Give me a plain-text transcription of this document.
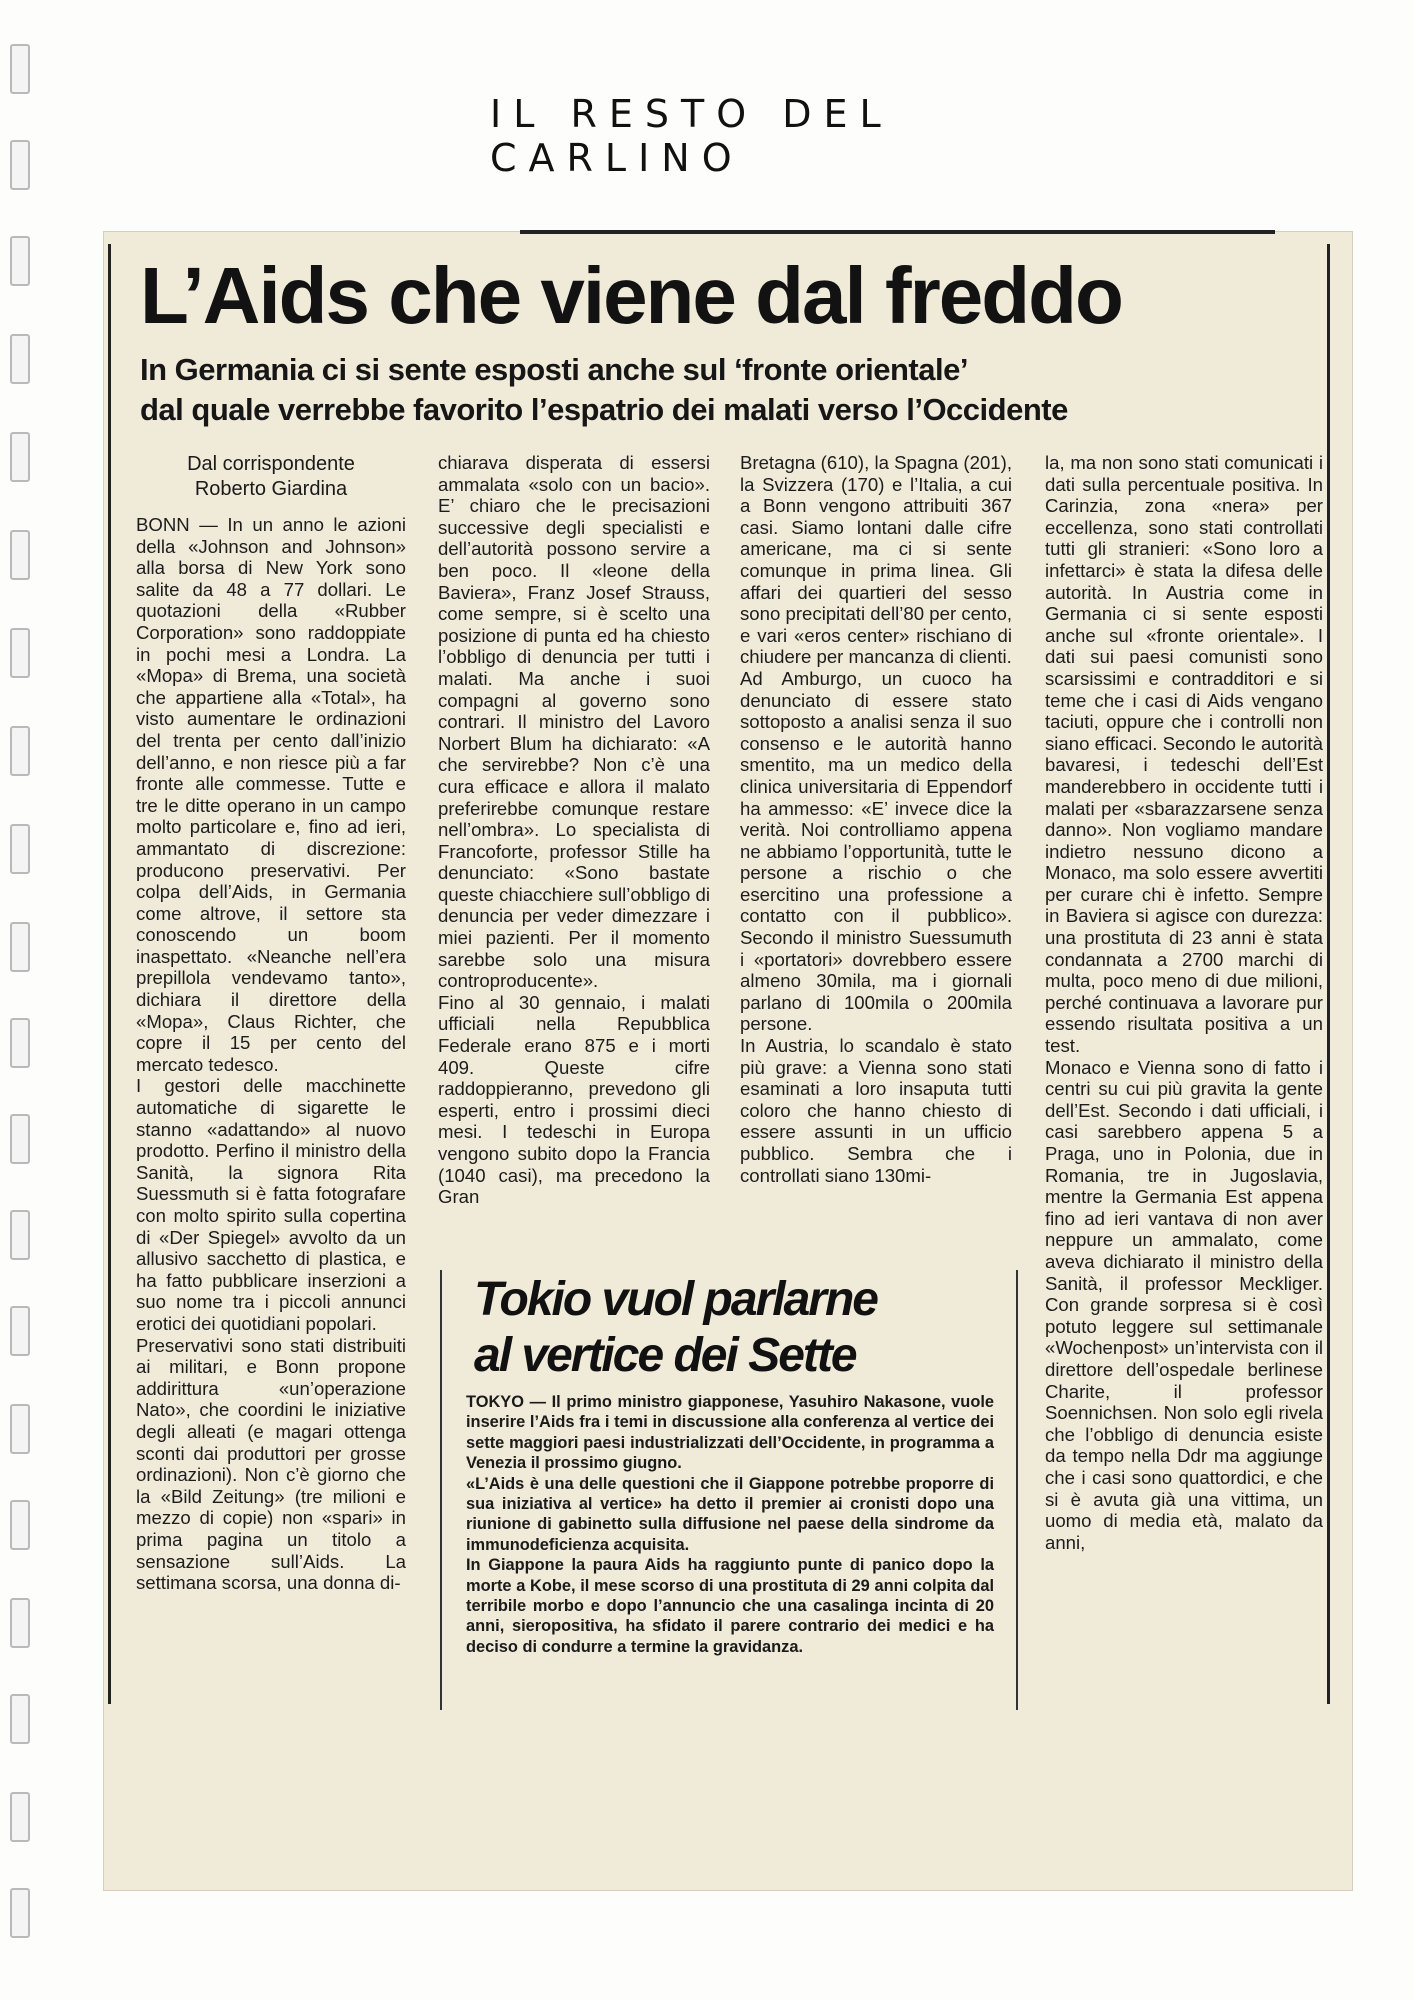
IL RESTO DEL CARLINO
L’Aids che viene dal freddo
In Germania ci si sente esposti anche sul ‘fronte orientale’
dal quale verrebbe favorito l’espatrio dei malati verso l’Occidente
Dal corrispondente
Roberto Giardina

BONN — In un anno le azioni della «Johnson and Johnson» alla borsa di New York sono salite da 48 a 77 dollari. Le quotazioni della «Rubber Corporation» sono raddoppiate in pochi mesi a Londra. La «Mopa» di Brema, una società che appartiene alla «Total», ha visto aumentare le ordinazioni del trenta per cento dall’inizio dell’anno, e non riesce più a far fronte alle commesse. Tutte e tre le ditte operano in un campo molto particolare e, fino ad ieri, ammantato di discrezione: producono preservativi. Per colpa dell’Aids, in Germania come altrove, il settore sta conoscendo un boom inaspettato. «Neanche nell’era prepillola vendevamo tanto», dichiara il direttore della «Mopa», Claus Richter, che copre il 15 per cento del mercato tedesco.

I gestori delle macchinette automatiche di sigarette le stanno «adattando» al nuovo prodotto. Perfino il ministro della Sanità, la signora Rita Suessmuth si è fatta fotografare con molto spirito sulla copertina di «Der Spiegel» avvolto da un allusivo sacchetto di plastica, e ha fatto pubblicare inserzioni a suo nome tra i piccoli annunci erotici dei quotidiani popolari.

Preservativi sono stati distribuiti ai militari, e Bonn propone addirittura «un’operazione Nato», che coordini le iniziative degli alleati (e magari ottenga sconti dai produttori per grosse ordinazioni). Non c’è giorno che la «Bild Zeitung» (tre milioni e mezzo di copie) non «spari» in prima pagina un titolo a sensazione sull’Aids. La settimana scorsa, una donna di-

chiarava disperata di essersi ammalata «solo con un bacio». E’ chiaro che le precisazioni successive degli specialisti e dell’autorità possono servire a ben poco. Il «leone della Baviera», Franz Josef Strauss, come sempre, si è scelto una posizione di punta ed ha chiesto l’obbligo di denuncia per tutti i malati. Ma anche i suoi compagni al governo sono contrari. Il ministro del Lavoro Norbert Blum ha dichiarato: «A che servirebbe? Non c’è una cura efficace e allora il malato preferirebbe comunque restare nell’ombra». Lo specialista di Francoforte, professor Stille ha denunciato: «Sono bastate queste chiacchiere sull’obbligo di denuncia per veder dimezzare i miei pazienti. Per il momento sarebbe solo una misura controproducente».

Fino al 30 gennaio, i malati ufficiali nella Repubblica Federale erano 875 e i morti 409. Queste cifre raddoppieranno, prevedono gli esperti, entro i prossimi dieci mesi. I tedeschi in Europa vengono subito dopo la Francia (1040 casi), ma precedono la Gran

Bretagna (610), la Spagna (201), la Svizzera (170) e l’Italia, a cui a Bonn vengono attribuiti 367 casi. Siamo lontani dalle cifre americane, ma ci si sente comunque in prima linea. Gli affari dei quartieri del sesso sono precipitati dell’80 per cento, e vari «eros center» rischiano di chiudere per mancanza di clienti.

Ad Amburgo, un cuoco ha denunciato di essere stato sottoposto a analisi senza il suo consenso e le autorità hanno smentito, ma un medico della clinica universitaria di Eppendorf ha ammesso: «E’ invece dice la verità. Noi controlliamo appena ne abbiamo l’opportunità, tutte le persone a rischio o che esercitino una professione a contatto con il pubblico». Secondo il ministro Suessumuth i «portatori» dovrebbero essere almeno 30mila, ma i giornali parlano di 100mila o 200mila persone.

In Austria, lo scandalo è stato più grave: a Vienna sono stati esaminati a loro insaputa tutti coloro che hanno chiesto di essere assunti in un ufficio pubblico. Sembra che i controllati siano 130mi-

la, ma non sono stati comunicati i dati sulla percentuale positiva. In Carinzia, zona «nera» per eccellenza, sono stati controllati tutti gli stranieri: «Sono loro a infettarci» è stata la difesa delle autorità. In Austria come in Germania ci si sente esposti anche sul «fronte orientale». I dati sui paesi comunisti sono scarsissimi e contradditori e si teme che i casi di Aids vengano taciuti, oppure che i controlli non siano efficaci. Secondo le autorità bavaresi, i tedeschi dell’Est manderebbero in occidente tutti i malati per «sbarazzarsene senza danno». Non vogliamo mandare indietro nessuno dicono a Monaco, ma solo essere avvertiti per curare chi è infetto. Sempre in Baviera si agisce con durezza: una prostituta di 23 anni è stata condannata a 2700 marchi di multa, poco meno di due milioni, perché continuava a lavorare pur essendo risultata positiva a un test.

Monaco e Vienna sono di fatto i centri su cui più gravita la gente dell’Est. Secondo i dati ufficiali, i casi sarebbero appena 5 a Praga, uno in Polonia, due in Romania, tre in Jugoslavia, mentre la Germania Est appena fino ad ieri vantava di non aver neppure un ammalato, come aveva dichiarato il ministro della Sanità, il professor Meckliger. Con grande sorpresa si è così potuto leggere sul settimanale «Wochenpost» un’intervista con il direttore dell’ospedale berlinese Charite, il professor Soennichsen. Non solo egli rivela che l’obbligo di denuncia esiste da tempo nella Ddr ma aggiunge che i casi sono quattordici, e che si è avuta già una vittima, un uomo di media età, malato da anni,

Tokio vuol parlarne
al vertice dei Sette

TOKYO — Il primo ministro giapponese, Yasuhiro Nakasone, vuole inserire l’Aids fra i temi in discussione alla conferenza al vertice dei sette maggiori paesi industrializzati dell’Occidente, in programma a Venezia il prossimo giugno.

«L’Aids è una delle questioni che il Giappone potrebbe proporre di sua iniziativa al vertice» ha detto il premier ai cronisti dopo una riunione di gabinetto sulla diffusione nel paese della sindrome da immunodeficienza acquisita.

In Giappone la paura Aids ha raggiunto punte di panico dopo la morte a Kobe, il mese scorso di una prostituta di 29 anni colpita dal terribile morbo e dopo l’annuncio che una casalinga incinta di 20 anni, sieropositiva, ha sfidato il parere contrario dei medici e ha deciso di condurre a termine la gravidanza.
